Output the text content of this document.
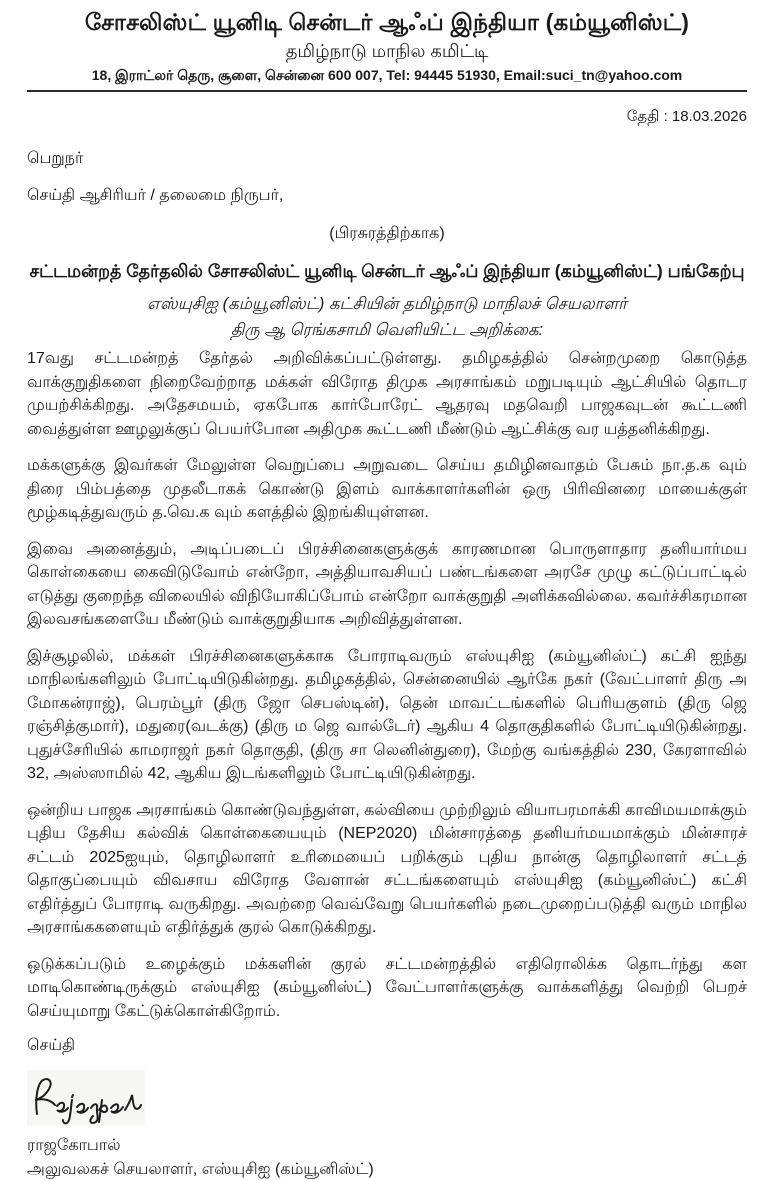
சோசலிஸ்ட் யூனிடி சென்டர் ஆஃப் இந்தியா (கம்யூனிஸ்ட்)
தமிழ்நாடு மாநில கமிட்டி
18, இராட்லர் தெரு, சூளை, சென்னை 600 007, Tel: 94445 51930, Email:suci_tn@yahoo.com
தேதி : 18.03.2026
பெறுநர்
செய்தி ஆசிரியர் / தலைமை நிருபர்,
(பிரசுரத்திற்காக)
சட்டமன்றத் தேர்தலில் சோசலிஸ்ட் யூனிடி சென்டர் ஆஃப் இந்தியா (கம்யூனிஸ்ட்) பங்கேற்பு
எஸ்யுசிஐ (கம்யூனிஸ்ட்) கட்சியின் தமிழ்நாடு மாநிலச் செயலாளர்
திரு ஆ ரெங்கசாமி வெளியிட்ட அறிக்கை:

17வது சட்டமன்றத் தேர்தல் அறிவிக்கப்பட்டுள்ளது. தமிழகத்தில் சென்றமுறை கொடுத்த வாக்குறுதிகளை நிறைவேற்றாத மக்கள் விரோத திமுக அரசாங்கம் மறுபடியும் ஆட்சியில் தொடர முயற்சிக்கிறது. அதேசமயம், ஏகபோக கார்போரேட் ஆதரவு மதவெறி பாஜகவுடன் கூட்டணி வைத்துள்ள ஊழலுக்குப் பெயர்போன அதிமுக கூட்டணி மீண்டும் ஆட்சிக்கு வர யத்தனிக்கிறது.

மக்களுக்கு இவர்கள் மேலுள்ள வெறுப்பை அறுவடை செய்ய தமிழினவாதம் பேசும் நா.த.க வும் திரை பிம்பத்தை முதலீடாகக் கொண்டு இளம் வாக்காளர்களின் ஒரு பிரிவினரை மாயைக்குள் மூழ்கடித்துவரும் த.வெ.க வும் களத்தில் இறங்கியுள்ளன.

இவை அனைத்தும், அடிப்படைப் பிரச்சினைகளுக்குக் காரணமான பொருளாதார தனியார்மய கொள்கையை கைவிடுவோம் என்றோ, அத்தியாவசியப் பண்டங்களை அரசே முழு கட்டுப்பாட்டில் எடுத்து குறைந்த விலையில் விநியோகிப்போம் என்றோ வாக்குறுதி அளிக்கவில்லை. கவர்ச்சிகரமான இலவசங்களையே மீண்டும் வாக்குறுதியாக அறிவித்துள்ளன.

இச்சூழலில், மக்கள் பிரச்சினைகளுக்காக போராடிவரும் எஸ்யுசிஐ (கம்யூனிஸ்ட்) கட்சி ஐந்து மாநிலங்களிலும் போட்டியிடுகின்றது. தமிழகத்தில், சென்னையில் ஆர்கே நகர் (வேட்பாளர் திரு அ மோகன்ராஜ்), பெரம்பூர் (திரு ஜோ செபஸ்டின்), தென் மாவட்டங்களில் பெரியகுளம் (திரு ஜெ ரஞ்சித்குமார்), மதுரை(வடக்கு) (திரு ம ஜெ வால்டேர்) ஆகிய 4 தொகுதிகளில் போட்டியிடுகின்றது. புதுச்சேரியில் காமராஜர் நகர் தொகுதி, (திரு சா லெனின்துரை), மேற்கு வங்கத்தில் 230, கேரளாவில் 32, அஸ்ஸாமில் 42, ஆகிய இடங்களிலும் போட்டியிடுகின்றது.

ஒன்றிய பாஜக அரசாங்கம் கொண்டுவந்துள்ள, கல்வியை முற்றிலும் வியாபரமாக்கி காவிமயமாக்கும் புதிய தேசிய கல்விக் கொள்கையையும் (NEP2020) மின்சாரத்தை தனியர்மயமாக்கும் மின்சாரச் சட்டம் 2025ஐயும், தொழிலாளர் உரிமையைப் பறிக்கும் புதிய நான்கு தொழிலாளர் சட்டத் தொகுப்பையும் விவசாய விரோத வேளான் சட்டங்களையும் எஸ்யுசிஐ (கம்யூனிஸ்ட்) கட்சி எதிர்த்துப் போராடி வருகிறது. அவற்றை வெவ்வேறு பெயர்களில் நடைமுறைப்படுத்தி வரும் மாநில அரசாங்ககளையும் எதிர்த்துக் குரல் கொடுக்கிறது.

ஒடுக்கப்படும் உழைக்கும் மக்களின் குரல் சட்டமன்றத்தில் எதிரொலிக்க தொடர்ந்து கள மாடிகொண்டிருக்கும் எஸ்யுசிஐ (கம்யூனிஸ்ட்) வேட்பாளர்களுக்கு வாக்களித்து வெற்றி பெறச் செய்யுமாறு கேட்டுக்கொள்கிறோம்.

செய்தி
ராஜகோபால்
அலுவலகச் செயலாளர், எஸ்யுசிஐ (கம்யூனிஸ்ட்)
